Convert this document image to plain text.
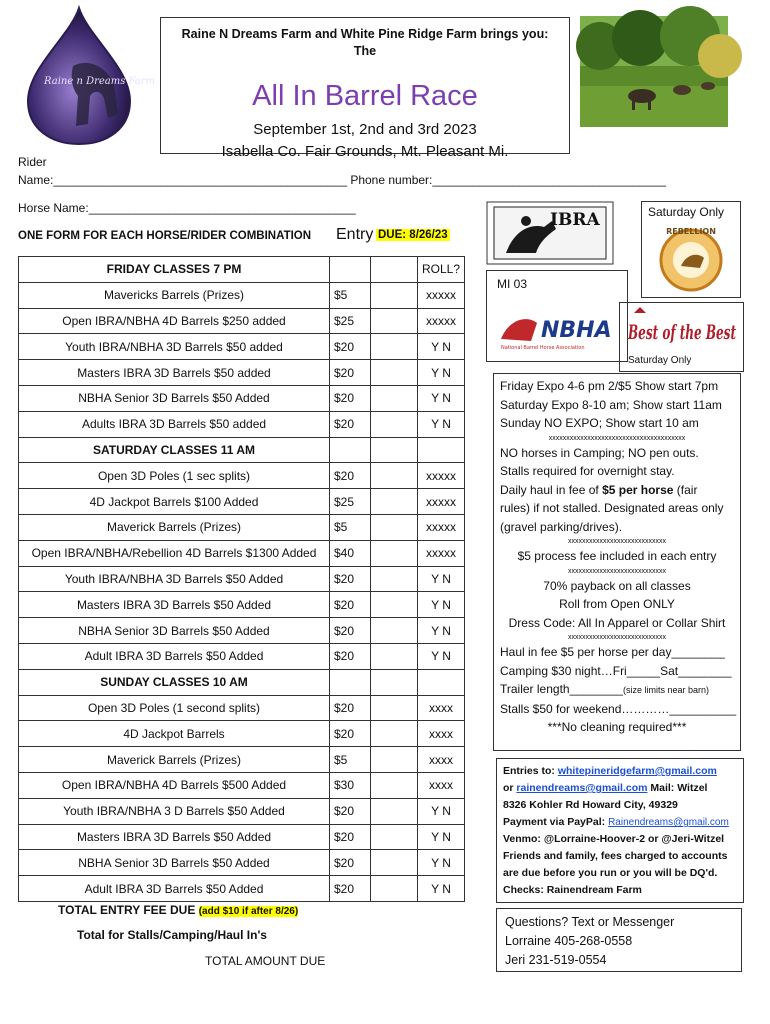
Raine n Dreams Farm
Raine N Dreams Farm and White Pine Ridge Farm brings you:
The
All In Barrel Race
September 1st, 2nd and 3rd 2023
Isabella Co. Fair Grounds, Mt. Pleasant Mi.
Rider
Name:____________________________________________ Phone number:___________________________________
Horse Name:________________________________________
ONE FORM FOR EACH HORSE/RIDER COMBINATION Entry DUE: 8/26/23
FRIDAY CLASSES 7 PM			ROLL?
Mavericks Barrels (Prizes)	$5		xxxxx
Open IBRA/NBHA 4D Barrels $250 added	$25		xxxxx
Youth IBRA/NBHA 3D Barrels $50 added	$20		Y N
Masters IBRA 3D Barrels $50 added	$20		Y N
NBHA Senior 3D Barrels $50 Added	$20		Y N
Adults IBRA 3D Barrels $50 added	$20		Y N
SATURDAY CLASSES 11 AM			
Open 3D Poles (1 sec splits)	$20		xxxxx
4D Jackpot Barrels $100 Added	$25		xxxxx
Maverick Barrels (Prizes)	$5		xxxxx
Open IBRA/NBHA/Rebellion 4D Barrels $1300 Added	$40		xxxxx
Youth IBRA/NBHA 3D Barrels $50 Added	$20		Y N
Masters IBRA 3D Barrels $50 Added	$20		Y N
NBHA Senior 3D Barrels $50 Added	$20		Y N
Adult IBRA 3D Barrels $50 Added	$20		Y N
SUNDAY CLASSES 10 AM			
Open 3D Poles (1 second splits)	$20		xxxx
4D Jackpot Barrels	$20		xxxx
Maverick Barrels (Prizes)	$5		xxxx
Open IBRA/NBHA 4D Barrels $500 Added	$30		xxxx
Youth IBRA/NBHA 3 D Barrels $50 Added	$20		Y N
Masters IBRA 3D Barrels $50 Added	$20		Y N
NBHA Senior 3D Barrels $50 Added	$20		Y N
Adult IBRA 3D Barrels $50 Added	$20		Y N
TOTAL ENTRY FEE DUE (add $10 if after 8/26)
Total for Stalls/Camping/Haul In's
TOTAL AMOUNT DUE
IBRA	Saturday Only
REBELLION
MI 03
NBHA
National Barrel Horse Association
Best of the Best
Saturday Only
Friday Expo 4-6 pm 2/$5 Show start 7pm
Saturday Expo 8-10 am; Show start 11am
Sunday NO EXPO; Show start 10 am
xxxxxxxxxxxxxxxxxxxxxxxxxxxxxxxxxxxxxxx
NO horses in Camping; NO pen outs.
Stalls required for overnight stay.
Daily haul in fee of $5 per horse (fair
rules) if not stalled. Designated areas only
(gravel parking/drives).
xxxxxxxxxxxxxxxxxxxxxxxxxxxx
$5 process fee included in each entry
xxxxxxxxxxxxxxxxxxxxxxxxxxxx
70% payback on all classes
Roll from Open ONLY
Dress Code: All In Apparel or Collar Shirt
xxxxxxxxxxxxxxxxxxxxxxxxxxxx
Haul in fee $5 per horse per day________
Camping $30 night…Fri_____Sat________
Trailer length________(size limits near barn)
Stalls $50 for weekend…………__________
***No cleaning required***
Entries to: whitepineridgefarm@gmail.com
or rainendreams@gmail.com Mail: Witzel
8326 Kohler Rd Howard City, 49329
Payment via PayPal: Rainendreams@gmail.com
Venmo: @Lorraine-Hoover-2 or @Jeri-Witzel
Friends and family, fees charged to accounts
are due before you run or you will be DQ'd.
Checks: Rainendream Farm
Questions? Text or Messenger
Lorraine 405-268-0558
Jeri 231-519-0554
